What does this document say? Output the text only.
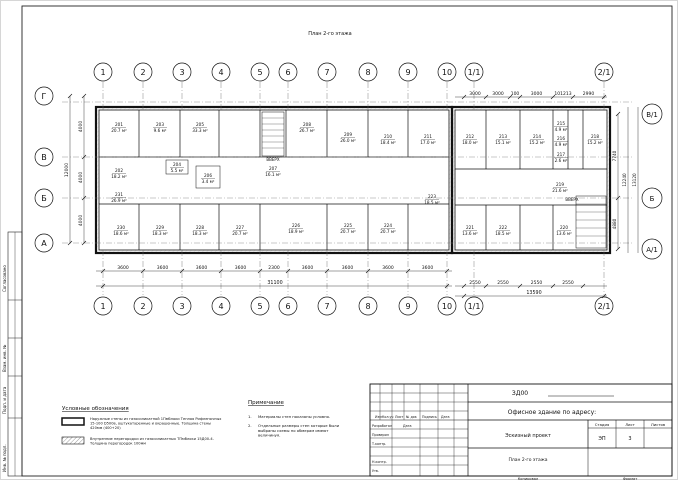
Согласовано
Взам. инв. №
Подп. и дата
Инв. № подл.
План 2-го этажа
1	2	3	4	5	6	7	8	9	10 1/1	2/1
1	2	3	4	5	6	7	8	9	10 1/1	2/1
Г
В
Б
А
В/1
Б
А/1
3600	3600	3600	3600	2300	3600	3600	3600	3600
31100	2550	2550	2550	2550
13590
3000	3000 100	3000	101213 2990
4000
4000
4000
12000
7740
4880
12240 13120
201
20.7 м²
203
9.6 м²
205
33.3 м²
207
16.1 м²
208
26.7 м²
209
26.0 м²
210
18.4 м²
211
17.0 м²
202
18.2 м²
204
5.5 м²
206
3.4 м²
231
26.9 м²
230
18.6 м²
229
18.3 м²
228
18.3 м²
227
20.7 м²
226
18.9 м²
225
20.7 м²
224
20.7 м²
212
18.0 м²
213
15.1 м²
214
15.2 м²
215
4.9 м²
216
4.9 м²
217
2.6 м²
218
15.2 м²
219
21.6 м²
220
13.6 м²
221
13.6 м²
222
18.5 м²
223
18.5 м²
ВВЕРХ
ВВЕРХ
Условные обозначения
Наружные стены из газосиликатной 1Пмблоки Теплоя Рифленочных 15-100 D500в, оштукатуренные и окрашенные. Толщина стены 420мм (400+20)
Внутренние перегородки из газосиликатных ТПмблоки 15Д00-4. Толщина перегородок 100мм
Примечание
1. Материалы стен показаны условно.
2. Отдельные размеры стен которые были выбраны схемы по обмерам имеют величинуя.
ЗД00
Офисное здание по адресу:
Эскизный проект
План 2-го этажа
Стадия	Лист	Листов
ЭП	3
Изм Кол.уч Лист № док Подпись Дата
Разработал	Дата
Проверил
Т.контр.
Н.контр.
Утв.
Копировал	Формат
